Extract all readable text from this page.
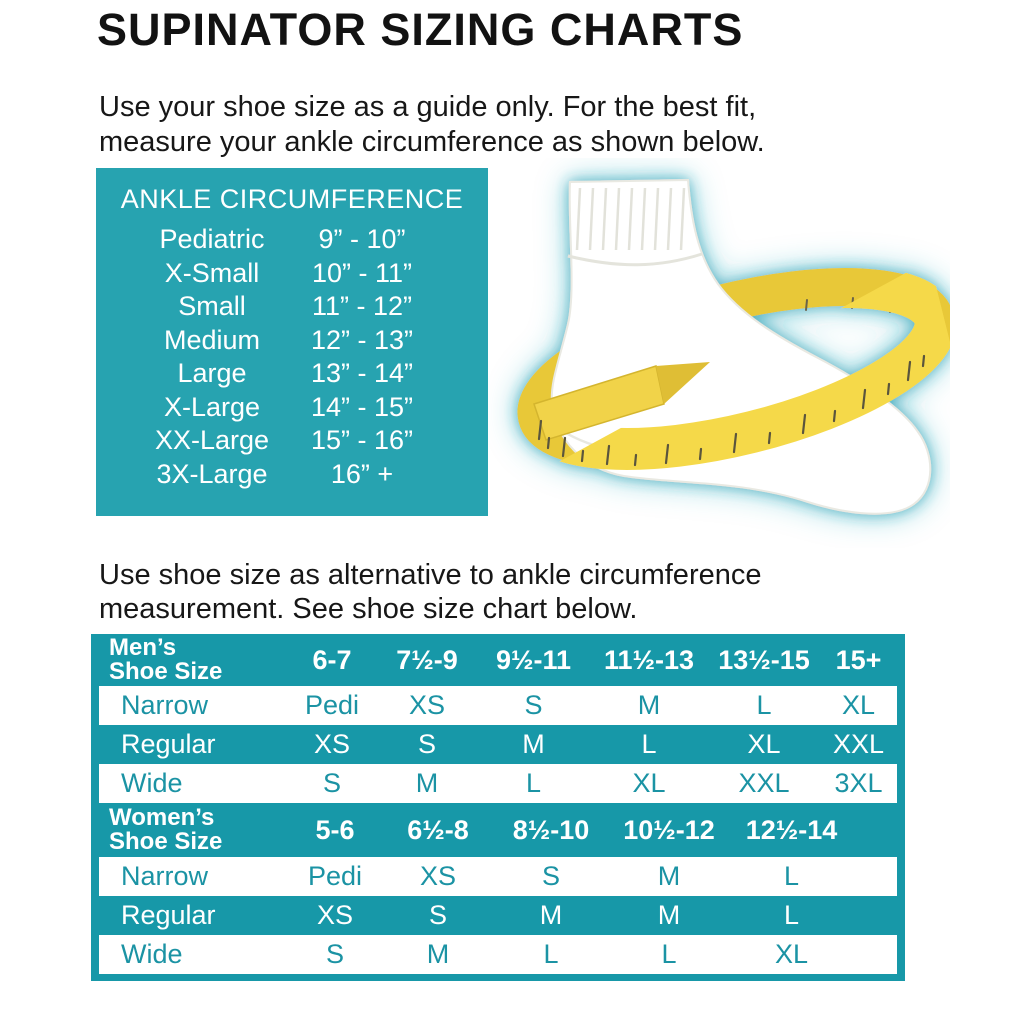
SUPINATOR SIZING CHARTS

Use your shoe size as a guide only. For the best fit,
measure your ankle circumference as shown below.

ANKLE CIRCUMFERENCE
Pediatric	9” - 10”
X-Small	10” - 11”
Small	11” - 12”
Medium	12” - 13”
Large	13” - 14”
X-Large	14” - 15”
XX-Large	15” - 16”
3X-Large	16” +

Use shoe size as alternative to ankle circumference
measurement. See shoe size chart below.

Men’s
Shoe Size	6-7	7½-9	9½-11	11½-13 13½-15 15+
Narrow	Pedi	XS	S	M	L	XL
Regular	XS	S	M	L	XL	XXL
Wide	S	M	L	XL	XXL	3XL
Women’s
Shoe Size	5-6	6½-8	8½-10	10½-12	12½-14
Narrow	Pedi	XS	S	M	L
Regular	XS	S	M	M	L
Wide	S	M	L	L	XL
